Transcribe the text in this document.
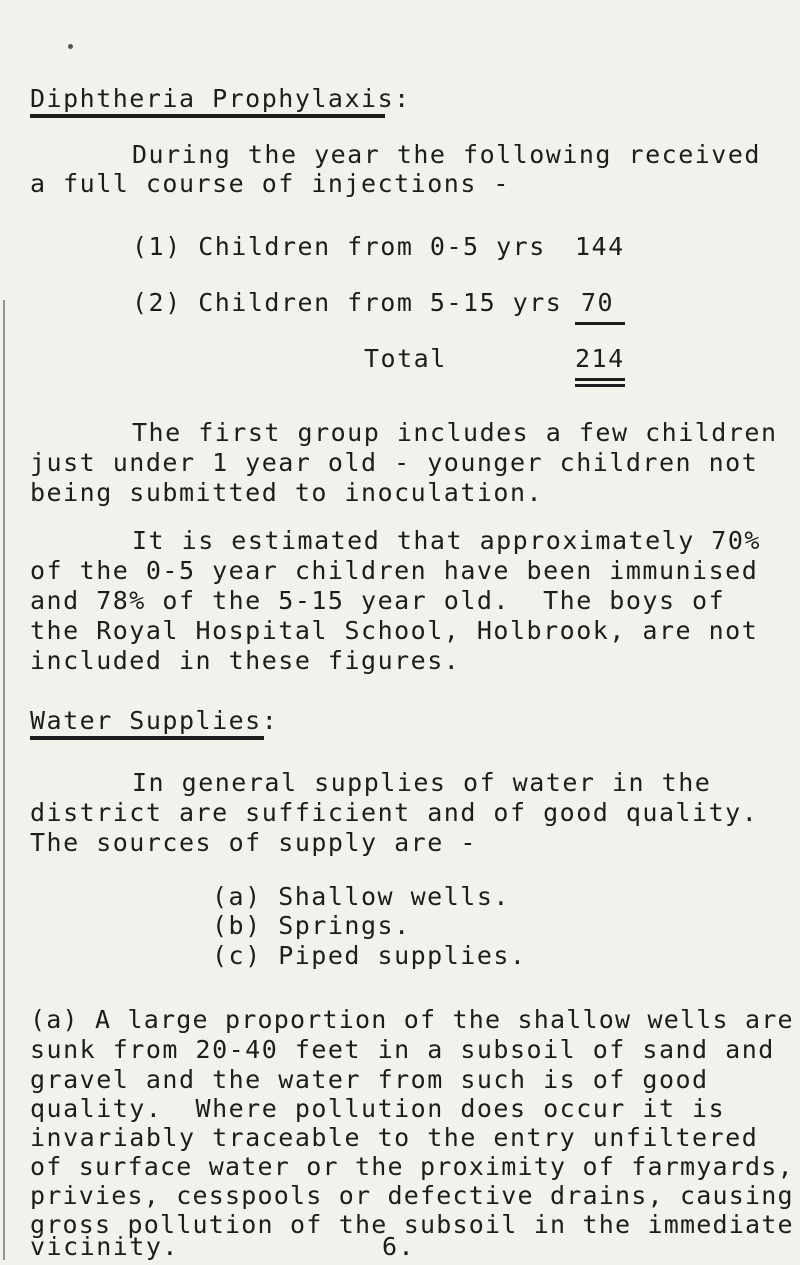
Diphtheria Prophylaxis:
During the year the following received
a full course of injections -
(1) Children from 0-5 yrs 144
(2) Children from 5-15 yrs 70
Total	214
The first group includes a few children
just under 1 year old - younger children not
being submitted to inoculation.
It is estimated that approximately 70%
of the 0-5 year children have been immunised
and 78% of the 5-15 year old.  The boys of
the Royal Hospital School, Holbrook, are not
included in these figures.
Water Supplies:
In general supplies of water in the
district are sufficient and of good quality.
The sources of supply are -
(a) Shallow wells.
(b) Springs.
(c) Piped supplies.
(a) A large proportion of the shallow wells are
sunk from 20-40 feet in a subsoil of sand and
gravel and the water from such is of good
quality.  Where pollution does occur it is
invariably traceable to the entry unfiltered
of surface water or the proximity of farmyards,
privies, cesspools or defective drains, causing
gross pollution of the subsoil in the immediate
vicinity.	6.
